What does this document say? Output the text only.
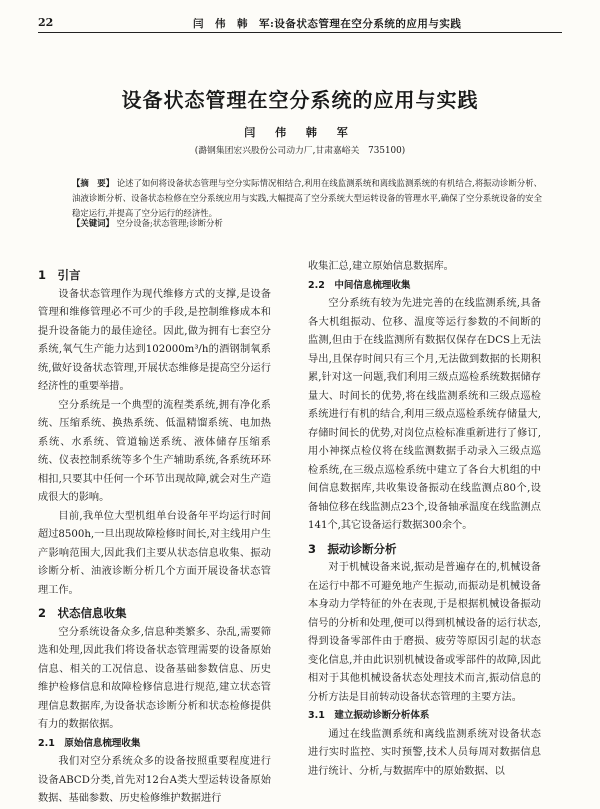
22	闫　伟　韩　军:设备状态管理在空分系统的应用与实践
设备状态管理在空分系统的应用与实践
闫 伟 韩 军
(潞钢集团宏兴股份公司动力厂,甘肃嘉峪关　735100)
【摘　要】 论述了如何将设备状态管理与空分实际情况相结合,利用在线监测系统和离线监测系统的有机结合,将振动诊断分析、油液诊断分析、设备状态检修在空分系统应用与实践,大幅提高了空分系统大型运转设备的管理水平,确保了空分系统设备的安全稳定运行,并提高了空分运行的经济性。
【关键词】 空分设备;状态管理;诊断分析
1　引言

设备状态管理作为现代维修方式的支撑,是设备管理和维修管理必不可少的手段,是控制维修成本和提升设备能力的最佳途径。因此,做为拥有七套空分系统,氧气生产能力达到102000m³/h的酒钢制氧系统,做好设备状态管理,开展状态维修是提高空分运行经济性的重要举措。

空分系统是一个典型的流程类系统,拥有净化系统、压缩系统、换热系统、低温精馏系统、电加热系统、水系统、管道输送系统、液体储存压缩系统、仪表控制系统等多个生产辅助系统,各系统环环相扣,只要其中任何一个环节出现故障,就会对生产造成很大的影响。

目前,我单位大型机组单台设备年平均运行时间超过8500h,一旦出现故障检修时间长,对主线用户生产影响范围大,因此我们主要从状态信息收集、振动诊断分析、油液诊断分析几个方面开展设备状态管理工作。

2　状态信息收集

空分系统设备众多,信息种类繁多、杂乱,需要筛选和处理,因此我们将设备状态管理需要的设备原始信息、相关的工况信息、设备基础参数信息、历史维护检修信息和故障检修信息进行规范,建立状态管理信息数据库,为设备状态诊断分析和状态检修提供有力的数据依据。

2.1　原始信息梳理收集

我们对空分系统众多的设备按照重要程度进行设备ABCD分类,首先对12台A类大型运转设备原始数据、基础参数、历史检修维护数据进行

收集汇总,建立原始信息数据库。

2.2　中间信息梳理收集

空分系统有较为先进完善的在线监测系统,具备各大机组振动、位移、温度等运行参数的不间断的监测,但由于在线监测所有数据仅保存在DCS上无法导出,且保存时间只有三个月,无法做到数据的长期积累,针对这一问题,我们利用三级点巡检系统数据储存量大、时间长的优势,将在线监测系统和三级点巡检系统进行有机的结合,利用三级点巡检系统存储量大,存储时间长的优势,对岗位点检标准重新进行了修订,用小神探点检仪将在线监测数据手动录入三级点巡检系统,在三级点巡检系统中建立了各台大机组的中间信息数据库,共收集设备振动在线监测点80个,设备轴位移在线监测点23个,设备轴承温度在线监测点141个,其它设备运行数据300余个。

3　振动诊断分析

对于机械设备来说,振动是普遍存在的,机械设备在运行中都不可避免地产生振动,而振动是机械设备本身动力学特征的外在表现,于是根据机械设备振动信号的分析和处理,便可以得到机械设备的运行状态,得到设备零部件由于磨损、疲劳等原因引起的状态变化信息,并由此识别机械设备或零部件的故障,因此相对于其他机械设备状态处理技术而言,振动信息的分析方法是目前转动设备状态管理的主要方法。

3.1　建立振动诊断分析体系

通过在线监测系统和离线监测系统对设备状态进行实时监控、实时预警,技术人员每周对数据信息进行统计、分析,与数据库中的原始数据、以
